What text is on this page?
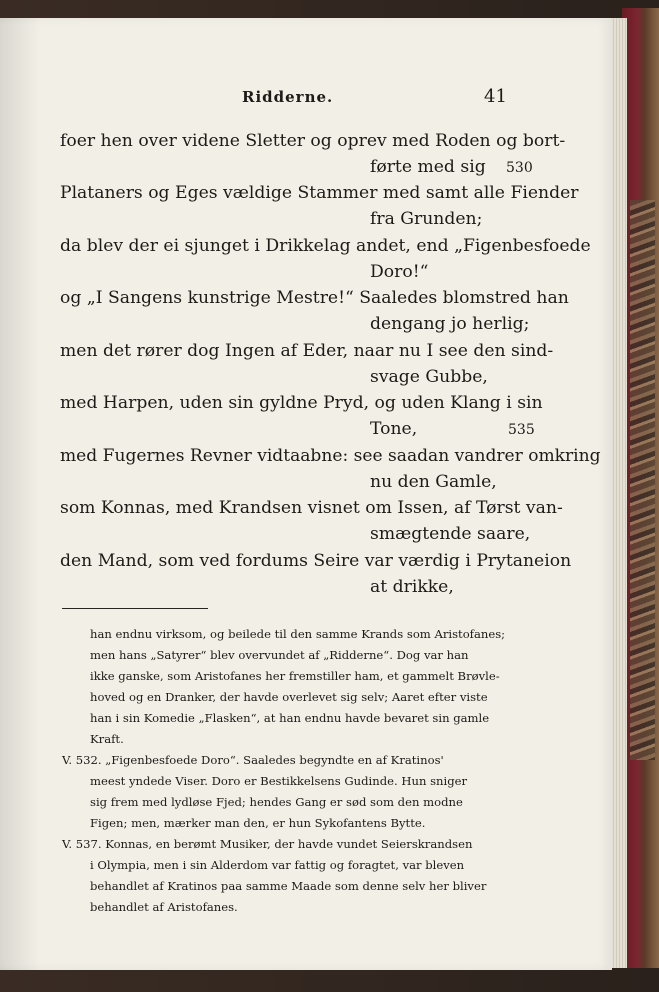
Ridderne.	41
foer hen over videne Sletter og oprev med Roden og bort-
førte med sig
Plataners og Eges vældige Stammer med samt alle Fiender
fra Grunden;
da blev der ei sjunget i Drikkelag andet, end „Figenbesfoede
Doro!“
og „I Sangens kunstrige Mestre!“ Saaledes blomstred han
dengang jo herlig;
men det rører dog Ingen af Eder, naar nu I see den sind-
svage Gubbe,
med Harpen, uden sin gyldne Pryd, og uden Klang i sin
Tone,
med Fugernes Revner vidtaabne: see saadan vandrer omkring
nu den Gamle,
som Konnas, med Krandsen visnet om Issen, af Tørst van-
smægtende saare,
den Mand, som ved fordums Seire var værdig i Prytaneion
at drikke,
530
535
han endnu virksom, og beilede til den samme Krands som Aristofanes;
men hans „Satyrer“ blev overvundet af „Ridderne“. Dog var han
ikke ganske, som Aristofanes her fremstiller ham, et gammelt Brøvle-
hoved og en Dranker, der havde overlevet sig selv; Aaret efter viste
han i sin Komedie „Flasken“, at han endnu havde bevaret sin gamle
Kraft.
V. 532. „Figenbesfoede Doro“. Saaledes begyndte en af Kratinos'
meest yndede Viser. Doro er Bestikkelsens Gudinde. Hun sniger
sig frem med lydløse Fjed; hendes Gang er sød som den modne
Figen; men, mærker man den, er hun Sykofantens Bytte.
V. 537. Konnas, en berømt Musiker, der havde vundet Seierskrandsen
i Olympia, men i sin Alderdom var fattig og foragtet, var bleven
behandlet af Kratinos paa samme Maade som denne selv her bliver
behandlet af Aristofanes.
